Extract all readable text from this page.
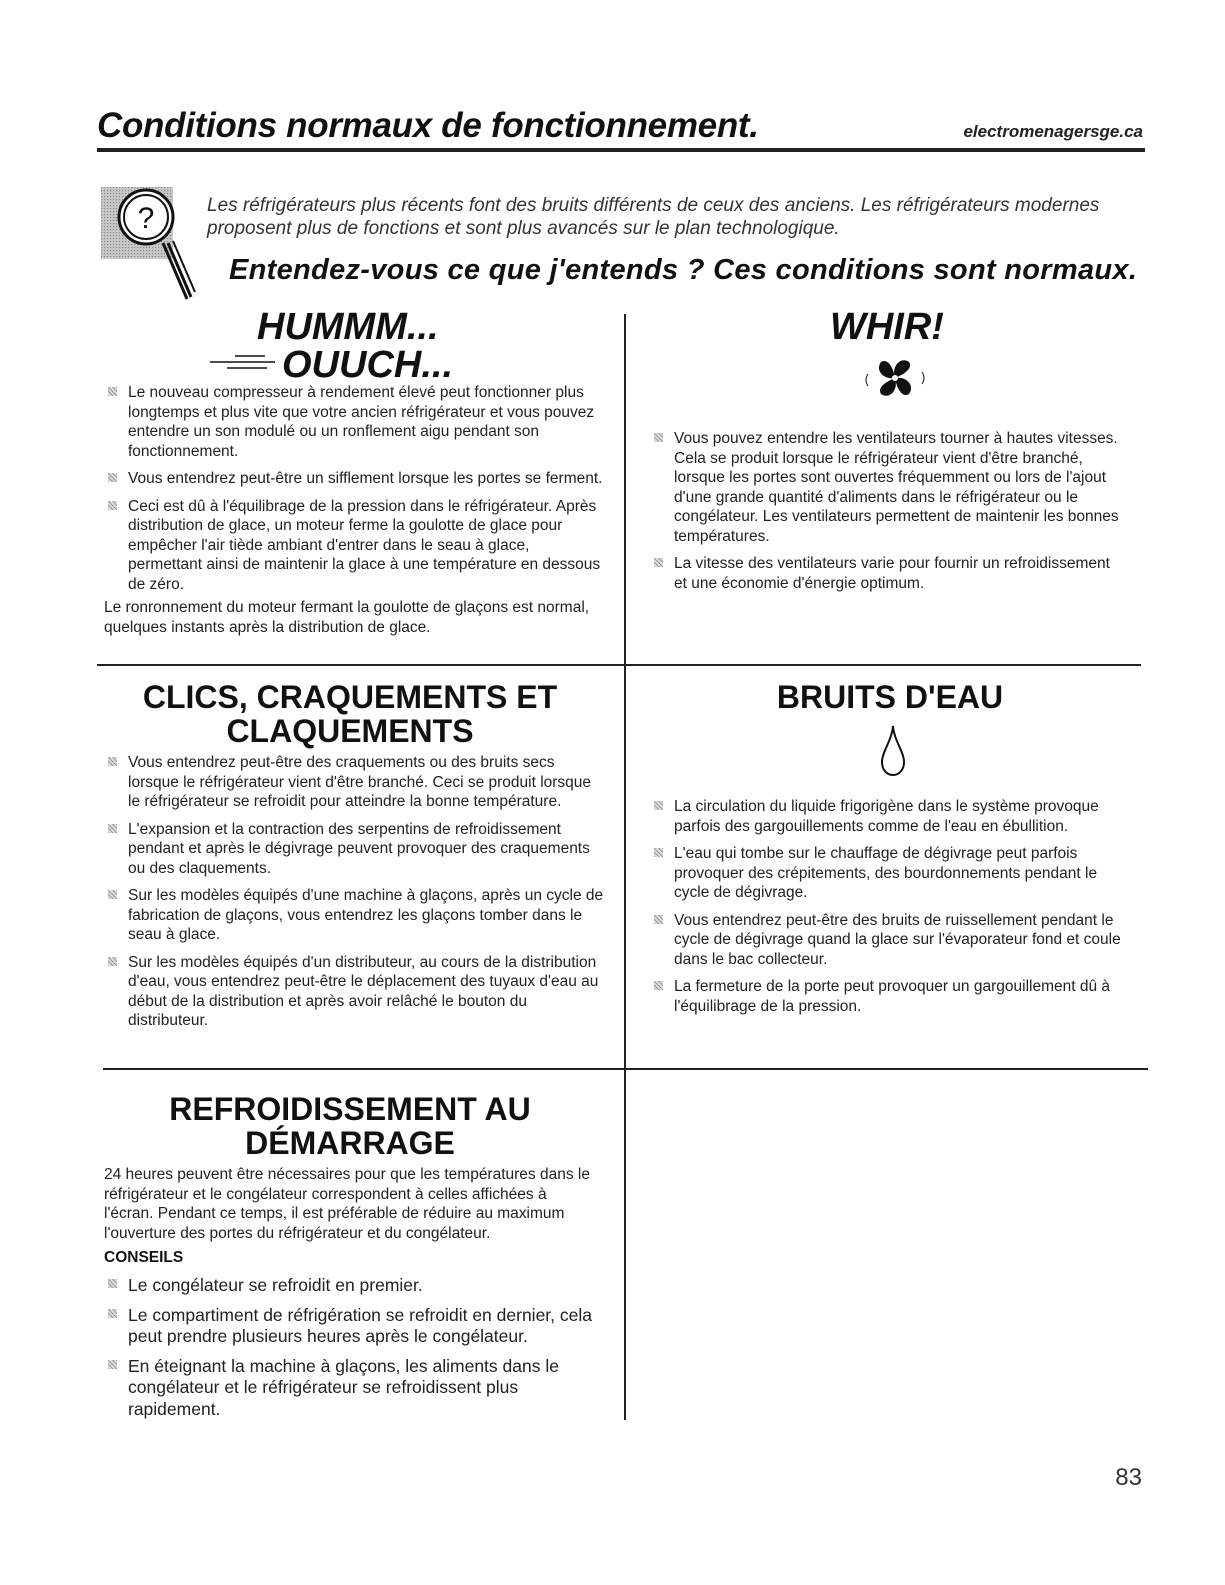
Conditions normaux de fonctionnement.	electromenagersge.ca
?	Les réfrigérateurs plus récents font des bruits différents de ceux des anciens. Les réfrigérateurs modernes proposent plus de fonctions et sont plus avancés sur le plan technologique.
Entendez-vous ce que j'entends ? Ces conditions sont normaux.
HUMMM...
OUUCH...
Le nouveau compresseur à rendement élevé peut fonctionner plus longtemps et plus vite que votre ancien réfrigérateur et vous pouvez entendre un son modulé ou un ronflement aigu pendant son fonctionnement.
Vous entendrez peut-être un sifflement lorsque les portes se ferment.
Ceci est dû à l'équilibrage de la pression dans le réfrigérateur. Après distribution de glace, un moteur ferme la goulotte de glace pour empêcher l'air tiède ambiant d'entrer dans le seau à glace, permettant ainsi de maintenir la glace à une température en dessous de zéro.
Le ronronnement du moteur fermant la goulotte de glaçons est normal, quelques instants après la distribution de glace.
WHIR!
Vous pouvez entendre les ventilateurs tourner à hautes vitesses. Cela se produit lorsque le réfrigérateur vient d'être branché, lorsque les portes sont ouvertes fréquemment ou lors de l'ajout d'une grande quantité d'aliments dans le réfrigérateur ou le congélateur. Les ventilateurs permettent de maintenir les bonnes températures.
La vitesse des ventilateurs varie pour fournir un refroidissement et une économie d'énergie optimum.
CLICS, CRAQUEMENTS ET CLAQUEMENTS
Vous entendrez peut-être des craquements ou des bruits secs lorsque le réfrigérateur vient d'être branché. Ceci se produit lorsque le réfrigérateur se refroidit pour atteindre la bonne température.
L'expansion et la contraction des serpentins de refroidissement pendant et après le dégivrage peuvent provoquer des craquements ou des claquements.
Sur les modèles équipés d'une machine à glaçons, après un cycle de fabrication de glaçons, vous entendrez les glaçons tomber dans le seau à glace.
Sur les modèles équipés d'un distributeur, au cours de la distribution d'eau, vous entendrez peut-être le déplacement des tuyaux d'eau au début de la distribution et après avoir relâché le bouton du distributeur.
BRUITS D'EAU
La circulation du liquide frigorigène dans le système provoque parfois des gargouillements comme de l'eau en ébullition.
L'eau qui tombe sur le chauffage de dégivrage peut parfois provoquer des crépitements, des bourdonnements pendant le cycle de dégivrage.
Vous entendrez peut-être des bruits de ruissellement pendant le cycle de dégivrage quand la glace sur l'évaporateur fond et coule dans le bac collecteur.
La fermeture de la porte peut provoquer un gargouillement dû à l'équilibrage de la pression.
REFROIDISSEMENT AU DÉMARRAGE
24 heures peuvent être nécessaires pour que les températures dans le réfrigérateur et le congélateur correspondent à celles affichées à l'écran. Pendant ce temps, il est préférable de réduire au maximum l'ouverture des portes du réfrigérateur et du congélateur.
CONSEILS
Le congélateur se refroidit en premier.
Le compartiment de réfrigération se refroidit en dernier, cela peut prendre plusieurs heures après le congélateur.
En éteignant la machine à glaçons, les aliments dans le congélateur et le réfrigérateur se refroidissent plus rapidement.
83
